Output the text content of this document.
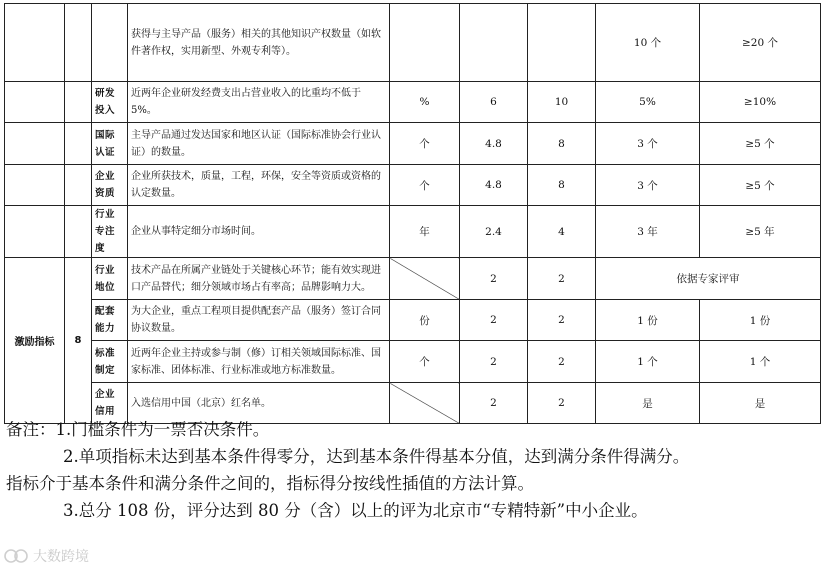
			获得与主导产品（服务）相关的其他知识产权数量（如软件著作权，实用新型、外观专利等）。				10 个	≥20 个
		研发投入	近两年企业研发经费支出占营业收入的比重均不低于 5%。	%	6	10	5%	≥10%
		国际认证	主导产品通过发达国家和地区认证（国际标准协会行业认证）的数量。	个	4.8	8	3 个	≥5 个
		企业资质	企业所获技术，质量，工程，环保，安全等资质或资格的认定数量。	个	4.8	8	3 个	≥5 个
		行业专注度	企业从事特定细分市场时间。	年	2.4	4	3 年	≥5 年
激励指标	8	行业地位	技术产品在所属产业链处于关键核心环节；能有效实现进口产品替代；细分领域市场占有率高；品牌影响力大。		2	2	依据专家评审	
		配套能力	为大企业，重点工程项目提供配套产品（服务）签订合同协议数量。	份	2	2	1 份	1 份
		标准制定	近两年企业主持或参与制（修）订相关领域国际标准、国家标准、团体标准、行业标准或地方标准数量。	个	2	2	1 个	1 个
		企业信用	入选信用中国（北京）红名单。		2	2	是	是

备注：1.门槛条件为一票否决条件。

2.单项指标未达到基本条件得零分，达到基本条件得基本分值，达到满分条件得满分。

指标介于基本条件和满分条件之间的，指标得分按线性插值的方法计算。

3.总分 108 份，评分达到 80 分（含）以上的评为北京市“专精特新”中小企业。

大数跨境
